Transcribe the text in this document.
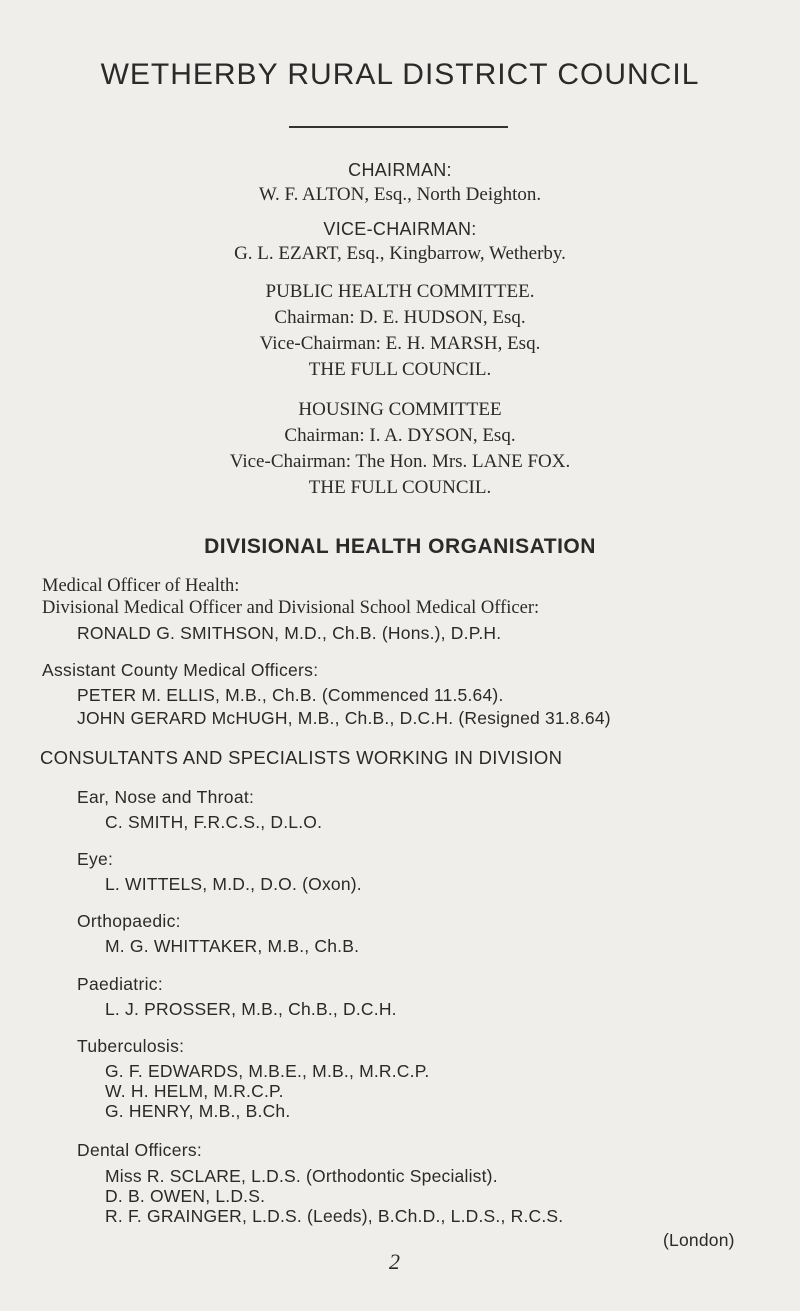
WETHERBY RURAL DISTRICT COUNCIL
CHAIRMAN:
W. F. ALTON, Esq., North Deighton.
VICE-CHAIRMAN:
G. L. EZART, Esq., Kingbarrow, Wetherby.
PUBLIC HEALTH COMMITTEE.
Chairman: D. E. HUDSON, Esq.
Vice-Chairman: E. H. MARSH, Esq.
THE FULL COUNCIL.
HOUSING COMMITTEE
Chairman: I. A. DYSON, Esq.
Vice-Chairman: The Hon. Mrs. LANE FOX.
THE FULL COUNCIL.
DIVISIONAL HEALTH ORGANISATION
Medical Officer of Health:
Divisional Medical Officer and Divisional School Medical Officer:
RONALD G. SMITHSON, M.D., Ch.B. (Hons.), D.P.H.
Assistant County Medical Officers:
PETER M. ELLIS, M.B., Ch.B. (Commenced 11.5.64).
JOHN GERARD McHUGH, M.B., Ch.B., D.C.H. (Resigned 31.8.64)
CONSULTANTS AND SPECIALISTS WORKING IN DIVISION
Ear, Nose and Throat:
C. SMITH, F.R.C.S., D.L.O.
Eye:
L. WITTELS, M.D., D.O. (Oxon).
Orthopaedic:
M. G. WHITTAKER, M.B., Ch.B.
Paediatric:
L. J. PROSSER, M.B., Ch.B., D.C.H.
Tuberculosis:
G. F. EDWARDS, M.B.E., M.B., M.R.C.P.
W. H. HELM, M.R.C.P.
G. HENRY, M.B., B.Ch.
Dental Officers:
Miss R. SCLARE, L.D.S. (Orthodontic Specialist).
D. B. OWEN, L.D.S.
R. F. GRAINGER, L.D.S. (Leeds), B.Ch.D., L.D.S., R.C.S.
(London)
2
